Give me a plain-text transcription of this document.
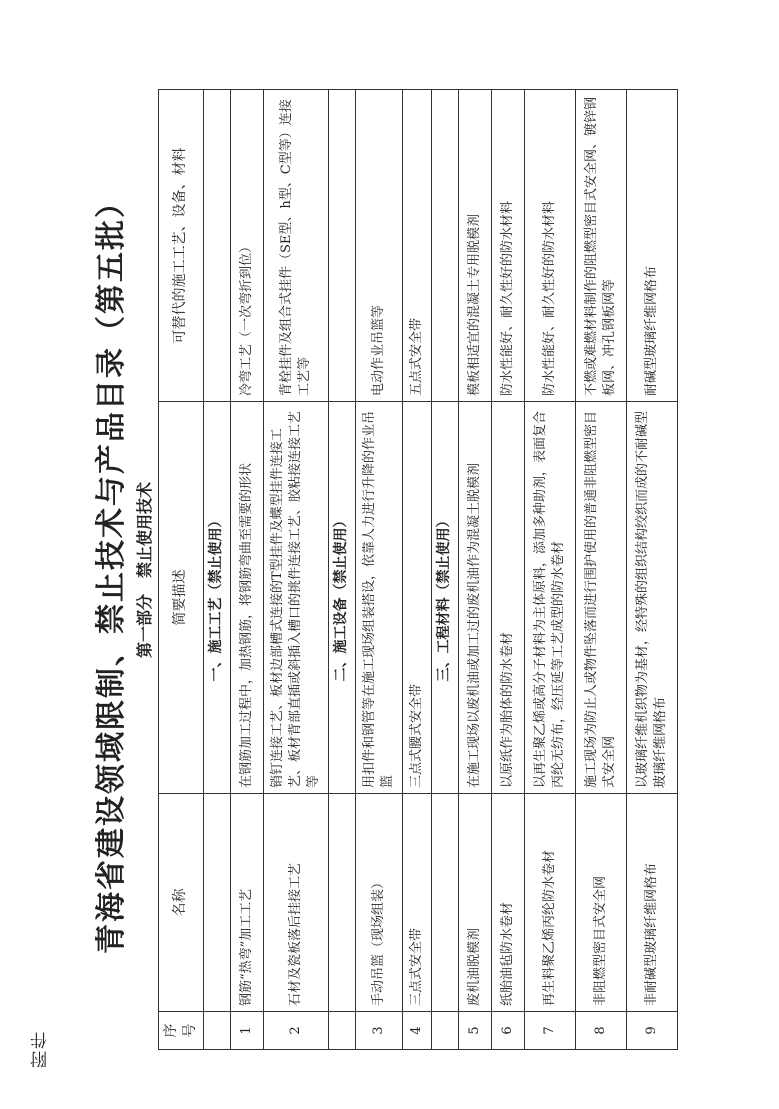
附件
青海省建设领域限制、禁止技术与产品目录（第五批） 第一部分　禁止使用技术
序号	名称	简要描述	可替代的施工工艺、设备、材料
		一、施工工艺（禁止使用）	
1	钢筋“热弯”加工工艺	在钢筋加工过程中，加热钢筋，将钢筋弯曲至需要的形状	冷弯工艺（一次弯折到位）
2	石材及瓷板落后挂接工艺	销钉连接工艺、板材边部槽式连接的T型挂件及蝶型挂件连接工艺、板材背部直插或斜插入槽口的挑件连接工艺、胶粘接连接工艺等	背栓挂件及组合式挂件（SE型、h型、C型等）连接工艺等
		二、施工设备（禁止使用）	
3	手动吊篮（现场组装）	用扣件和钢管等在施工现场组装搭设，依靠人力进行升降的作业吊篮	电动作业吊篮等
4	三点式安全带	三点式腰式安全带	五点式安全带
		三、工程材料（禁止使用）	
5	废机油脱模剂	在施工现场以废机油或加工过的废机油作为混凝土脱模剂	模板相适宜的混凝土专用脱模剂
6	纸胎油毡防水卷材	以原纸作为胎体的防水卷材	防水性能好、耐久性好的防水材料
7	再生料聚乙烯丙纶防水卷材	以再生聚乙烯或高分子材料为主体原料，添加多种助剂，表面复合丙纶无纺布，经压延等工艺成型的防水卷材	防水性能好、耐久性好的防水材料
8	非阻燃型密目式安全网	施工现场为防止人或物件坠落而进行围护使用的普通非阻燃型密目式安全网	不燃或难燃材料制作的阻燃型密目式安全网、镀锌钢板网、冲孔钢板网等
9	非耐碱型玻璃纤维网格布	以玻璃纤维机织物为基材，经特殊的组织结构绞织而成的不耐碱型玻璃纤维网格布	耐碱型玻璃纤维网格布
